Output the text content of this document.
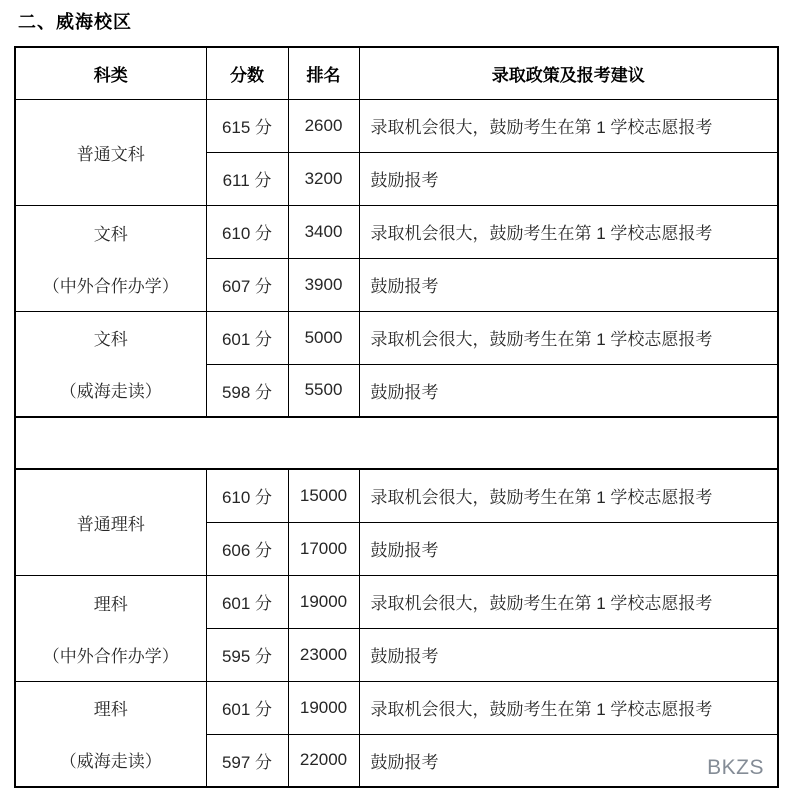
二、威海校区
科类	分数	排名	录取政策及报考建议
普通文科	615 分	2600	录取机会很大，鼓励考生在第 1 学校志愿报考
	611 分	3200	鼓励报考

文科
（中外合作办学）	610 分	3400	录取机会很大，鼓励考生在第 1 学校志愿报考
	607 分	3900	鼓励报考

文科
（威海走读）	601 分	5000	录取机会很大，鼓励考生在第 1 学校志愿报考
	598 分	5500	鼓励报考

普通理科	610 分	15000	录取机会很大，鼓励考生在第 1 学校志愿报考
	606 分	17000	鼓励报考

理科
（中外合作办学）	601 分	19000	录取机会很大，鼓励考生在第 1 学校志愿报考
	595 分	23000	鼓励报考

理科
（威海走读）	601 分	19000	录取机会很大，鼓励考生在第 1 学校志愿报考
	597 分	22000	鼓励报考	BKZS
